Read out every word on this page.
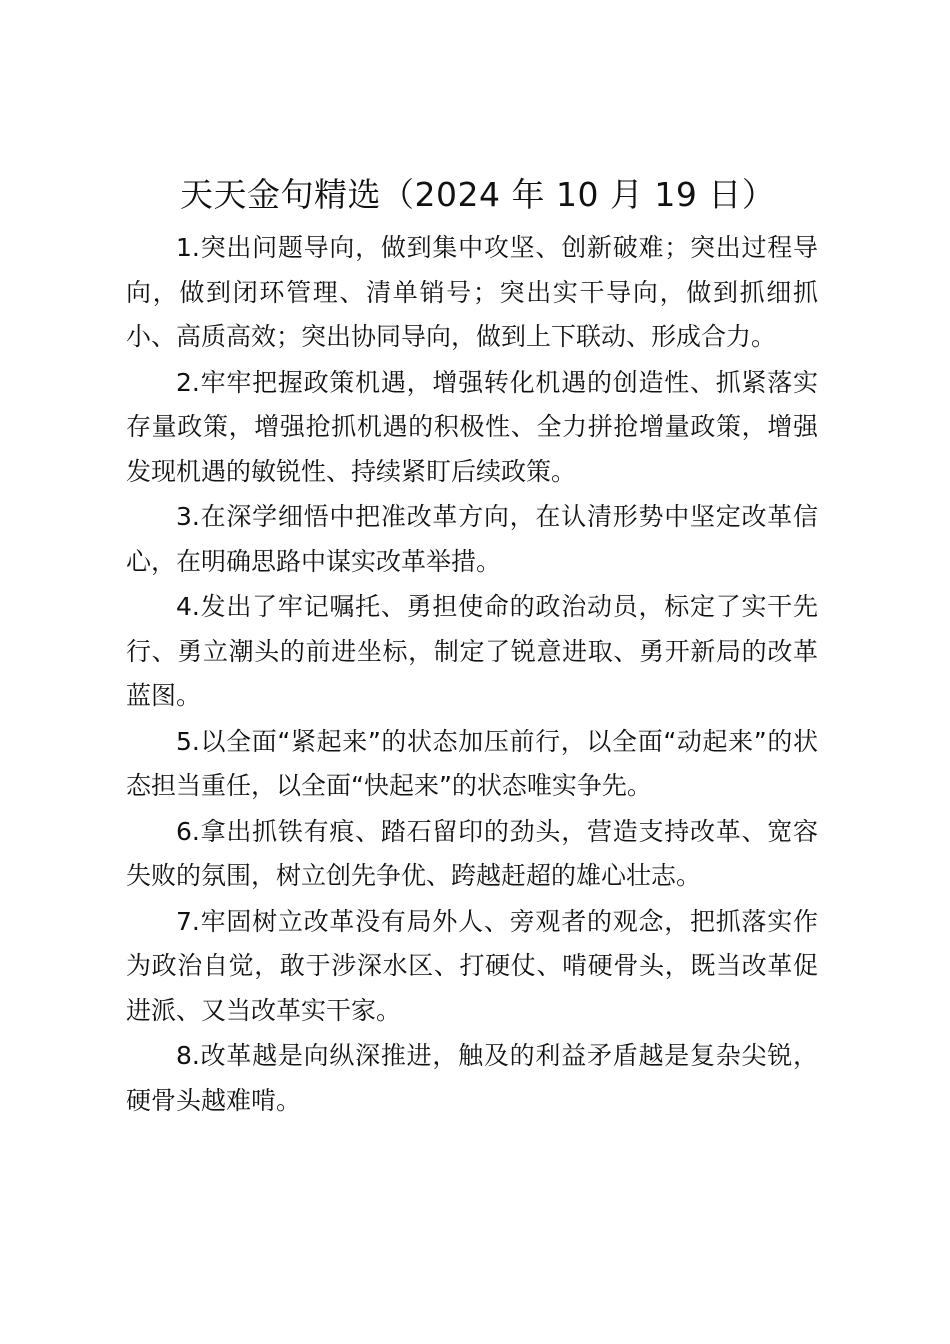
天天金句精选（2024 年 10 月 19 日）

1.突出问题导向，做到集中攻坚、创新破难；突出过程导向，做到闭环管理、清单销号；突出实干导向，做到抓细抓小、高质高效；突出协同导向，做到上下联动、形成合力。

2.牢牢把握政策机遇，增强转化机遇的创造性、抓紧落实存量政策，增强抢抓机遇的积极性、全力拼抢增量政策，增强发现机遇的敏锐性、持续紧盯后续政策。

3.在深学细悟中把准改革方向，在认清形势中坚定改革信心，在明确思路中谋实改革举措。

4.发出了牢记嘱托、勇担使命的政治动员，标定了实干先行、勇立潮头的前进坐标，制定了锐意进取、勇开新局的改革蓝图。

5.以全面“紧起来”的状态加压前行，以全面“动起来”的状态担当重任，以全面“快起来”的状态唯实争先。

6.拿出抓铁有痕、踏石留印的劲头，营造支持改革、宽容失败的氛围，树立创先争优、跨越赶超的雄心壮志。

7.牢固树立改革没有局外人、旁观者的观念，把抓落实作为政治自觉，敢于涉深水区、打硬仗、啃硬骨头，既当改革促进派、又当改革实干家。

8.改革越是向纵深推进，触及的利益矛盾越是复杂尖锐，硬骨头越难啃。
